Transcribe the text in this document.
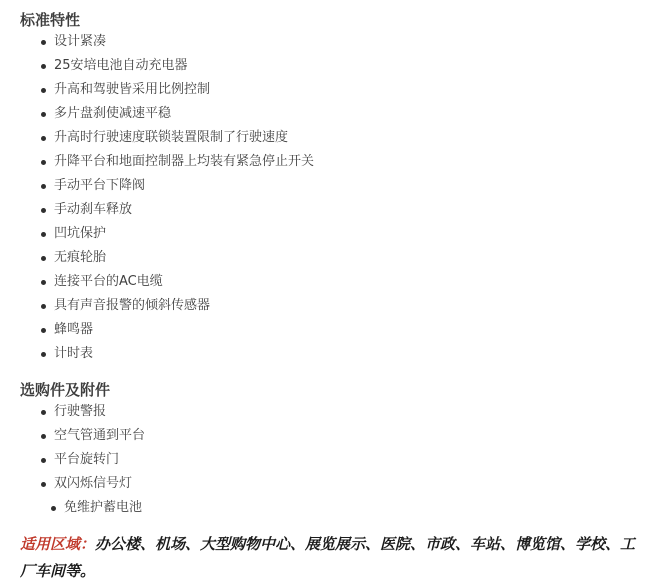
标准特性
设计紧凑
25安培电池自动充电器
升高和驾驶皆采用比例控制
多片盘刹使减速平稳
升高时行驶速度联锁装置限制了行驶速度
升降平台和地面控制器上均装有紧急停止开关
手动平台下降阀
手动刹车释放
凹坑保护
无痕轮胎
连接平台的AC电缆
具有声音报警的倾斜传感器
蜂鸣器
计时表
选购件及附件
行驶警报
空气管通到平台
平台旋转门
双闪烁信号灯
免维护蓄电池

适用区域：办公楼、机场、大型购物中心、展览展示、医院、市政、车站、博览馆、学校、工厂车间等。
